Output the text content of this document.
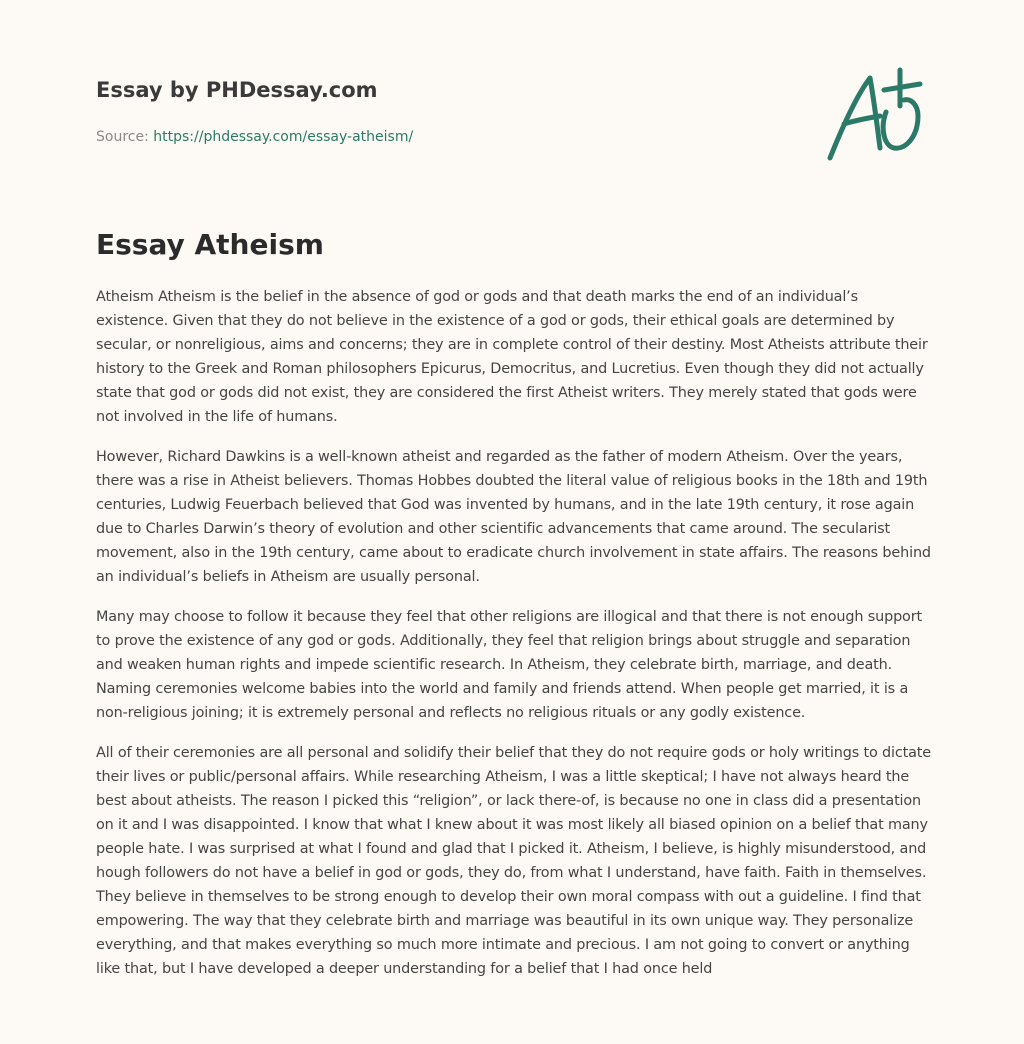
Essay by PHDessay.com
Source: https://phdessay.com/essay-atheism/
Essay Atheism

Atheism Atheism is the belief in the absence of god or gods and that death marks the end of an individual’s existence. Given that they do not believe in the existence of a god or gods, their ethical goals are determined by secular, or nonreligious, aims and concerns; they are in complete control of their destiny. Most Atheists attribute their history to the Greek and Roman philosophers Epicurus, Democritus, and Lucretius. Even though they did not actually state that god or gods did not exist, they are considered the first Atheist writers. They merely stated that gods were not involved in the life of humans.

However, Richard Dawkins is a well-known atheist and regarded as the father of modern Atheism. Over the years, there was a rise in Atheist believers. Thomas Hobbes doubted the literal value of religious books in the 18th and 19th centuries, Ludwig Feuerbach believed that God was invented by humans, and in the late 19th century, it rose again due to Charles Darwin’s theory of evolution and other scientific advancements that came around. The secularist movement, also in the 19th century, came about to eradicate church involvement in state affairs. The reasons behind an individual’s beliefs in Atheism are usually personal.

Many may choose to follow it because they feel that other religions are illogical and that there is not enough support to prove the existence of any god or gods. Additionally, they feel that religion brings about struggle and separation and weaken human rights and impede scientific research. In Atheism, they celebrate birth, marriage, and death. Naming ceremonies welcome babies into the world and family and friends attend. When people get married, it is a non-religious joining; it is extremely personal and reflects no religious rituals or any godly existence.

All of their ceremonies are all personal and solidify their belief that they do not require gods or holy writings to dictate their lives or public/personal affairs. While researching Atheism, I was a little skeptical; I have not always heard the best about atheists. The reason I picked this “religion”, or lack there-of, is because no one in class did a presentation on it and I was disappointed. I know that what I knew about it was most likely all biased opinion on a belief that many people hate. I was surprised at what I found and glad that I picked it. Atheism, I believe, is highly misunderstood, and hough followers do not have a belief in god or gods, they do, from what I understand, have faith. Faith in themselves. They believe in themselves to be strong enough to develop their own moral compass with out a guideline. I find that empowering. The way that they celebrate birth and marriage was beautiful in its own unique way. They personalize everything, and that makes everything so much more intimate and precious. I am not going to convert or anything like that, but I have developed a deeper understanding for a belief that I had once held
